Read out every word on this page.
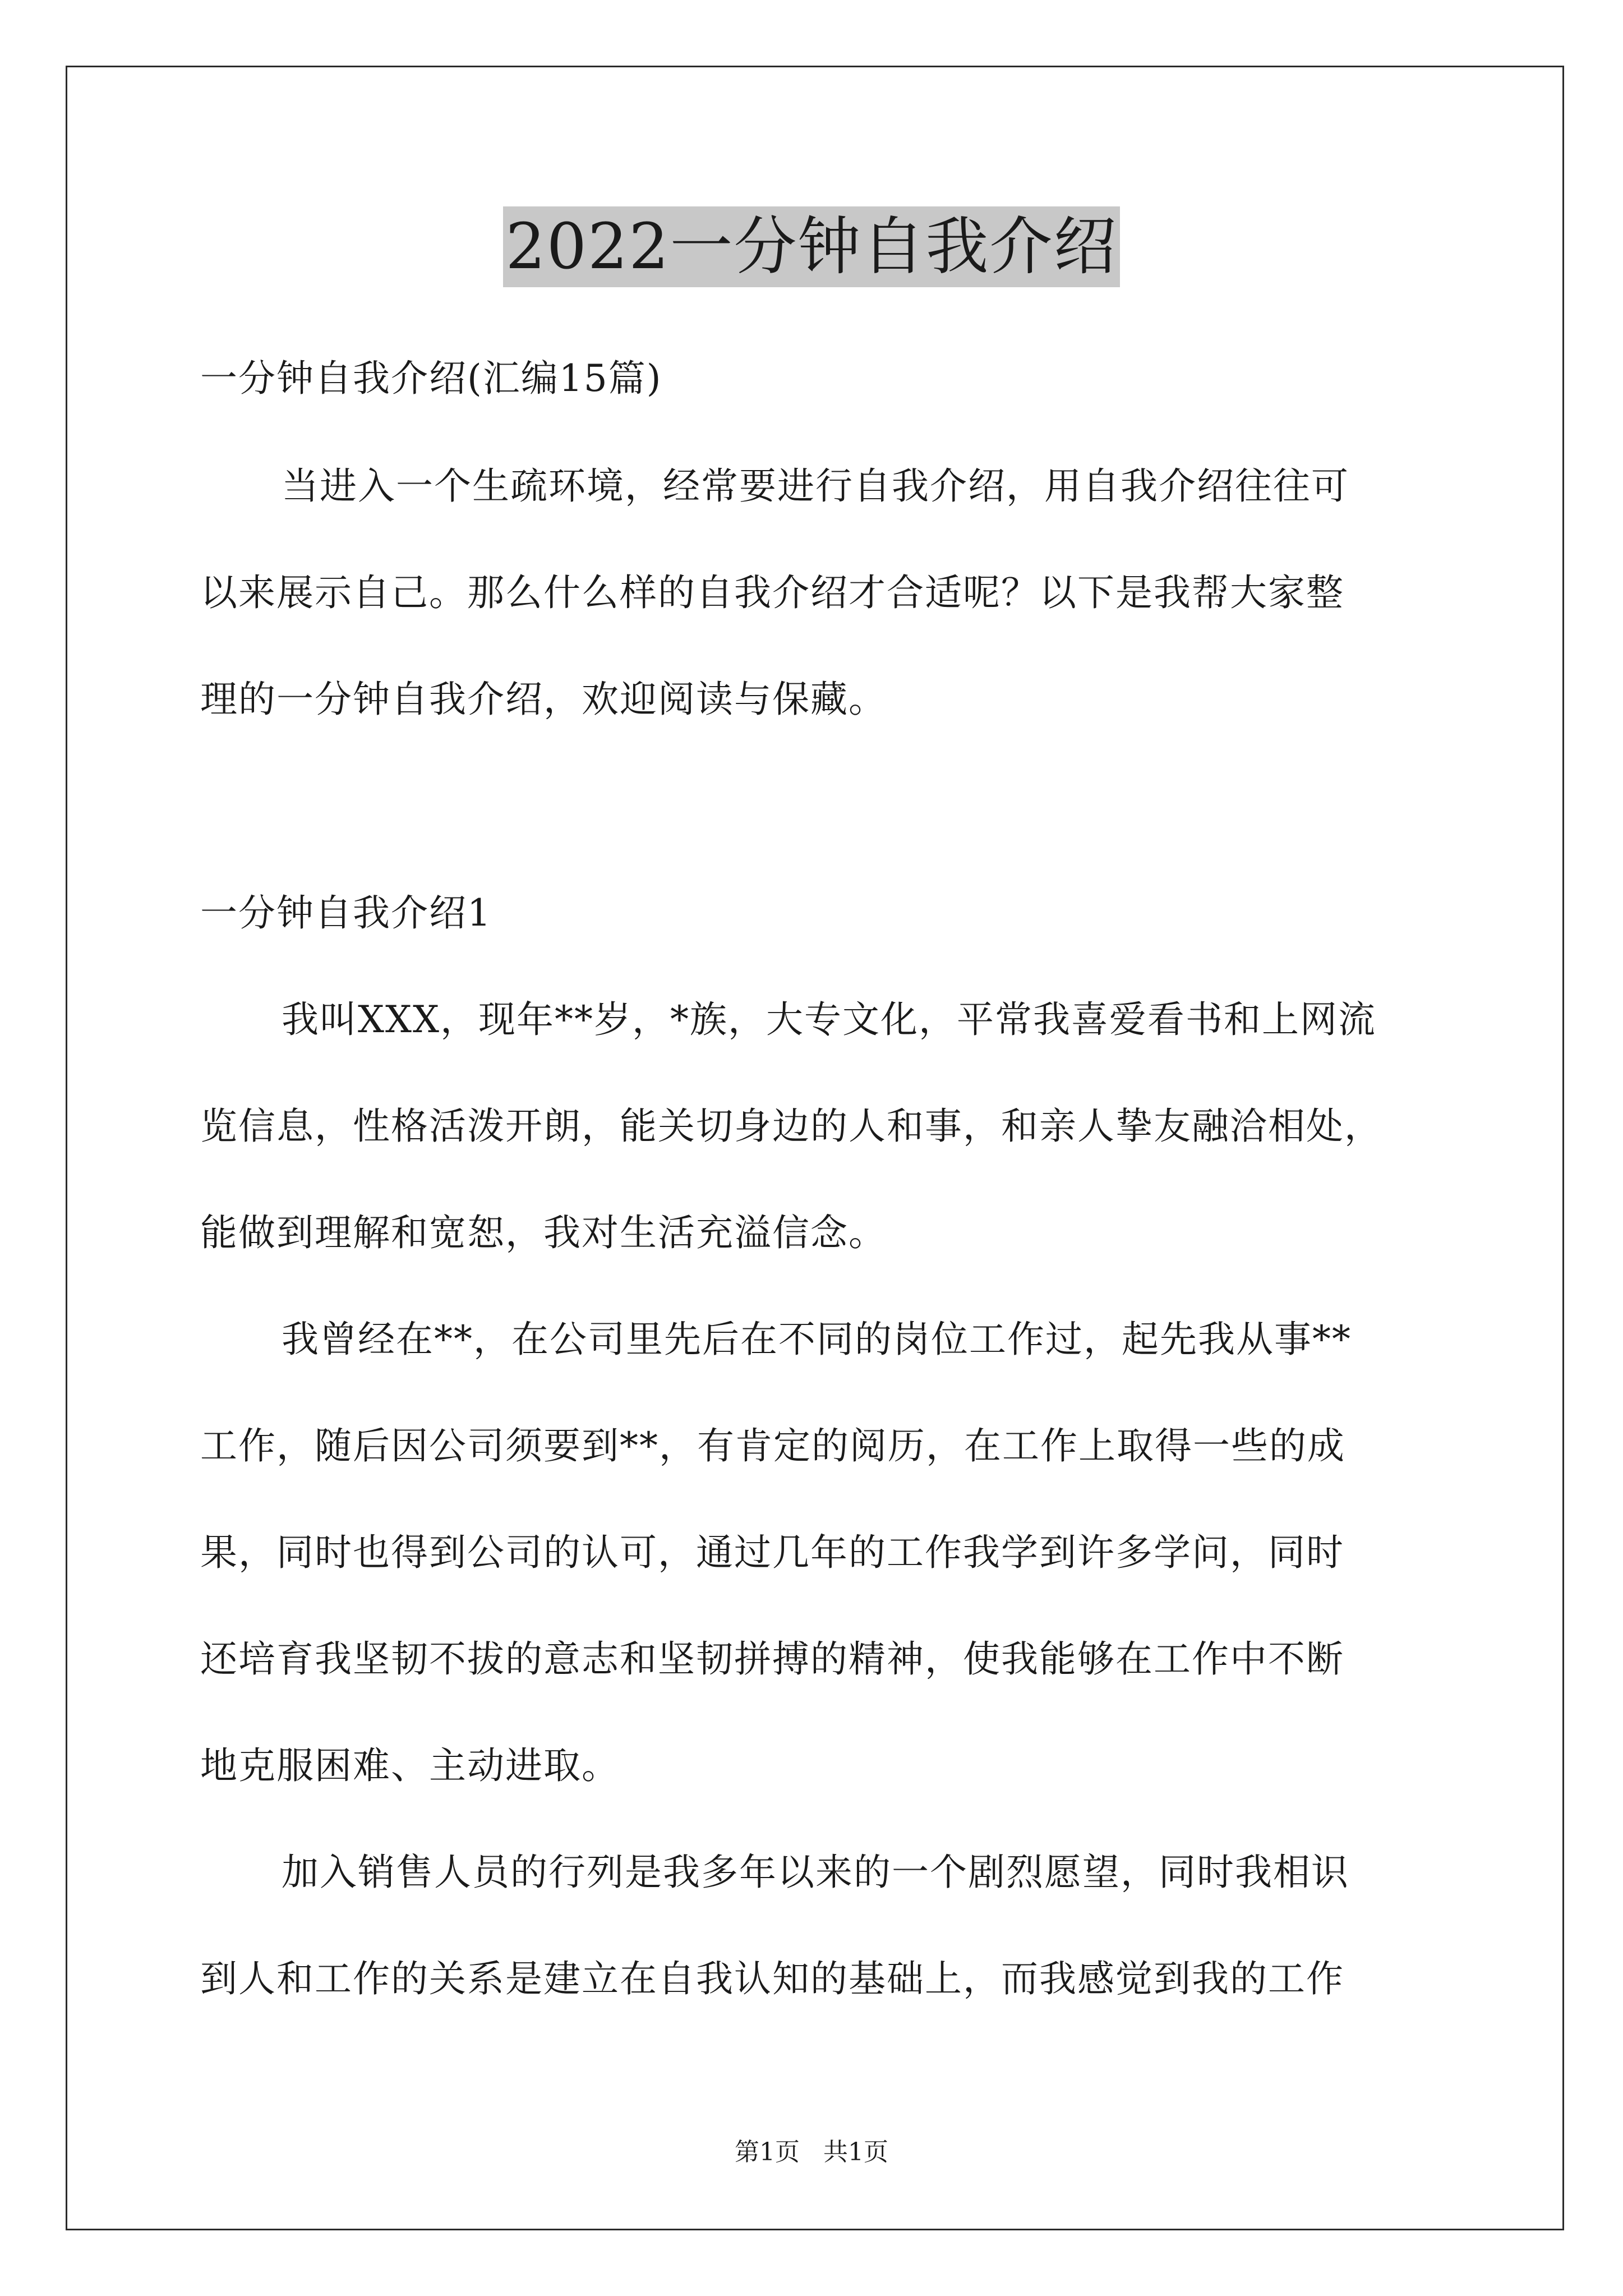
2022一分钟自我介绍
一分钟自我介绍(汇编15篇)
当进入一个生疏环境，经常要进行自我介绍，用自我介绍往往可
以来展示自己。那么什么样的自我介绍才合适呢？以下是我帮大家整
理的一分钟自我介绍，欢迎阅读与保藏。
一分钟自我介绍1
我叫XXX，现年**岁，*族，大专文化，平常我喜爱看书和上网流
览信息，性格活泼开朗，能关切身边的人和事，和亲人挚友融洽相处，
能做到理解和宽恕，我对生活充溢信念。
我曾经在**，在公司里先后在不同的岗位工作过，起先我从事**
工作，随后因公司须要到**，有肯定的阅历，在工作上取得一些的成
果，同时也得到公司的认可，通过几年的工作我学到许多学问，同时
还培育我坚韧不拔的意志和坚韧拼搏的精神，使我能够在工作中不断
地克服困难、主动进取。
加入销售人员的行列是我多年以来的一个剧烈愿望，同时我相识
到人和工作的关系是建立在自我认知的基础上，而我感觉到我的工作
第1页   共1页
